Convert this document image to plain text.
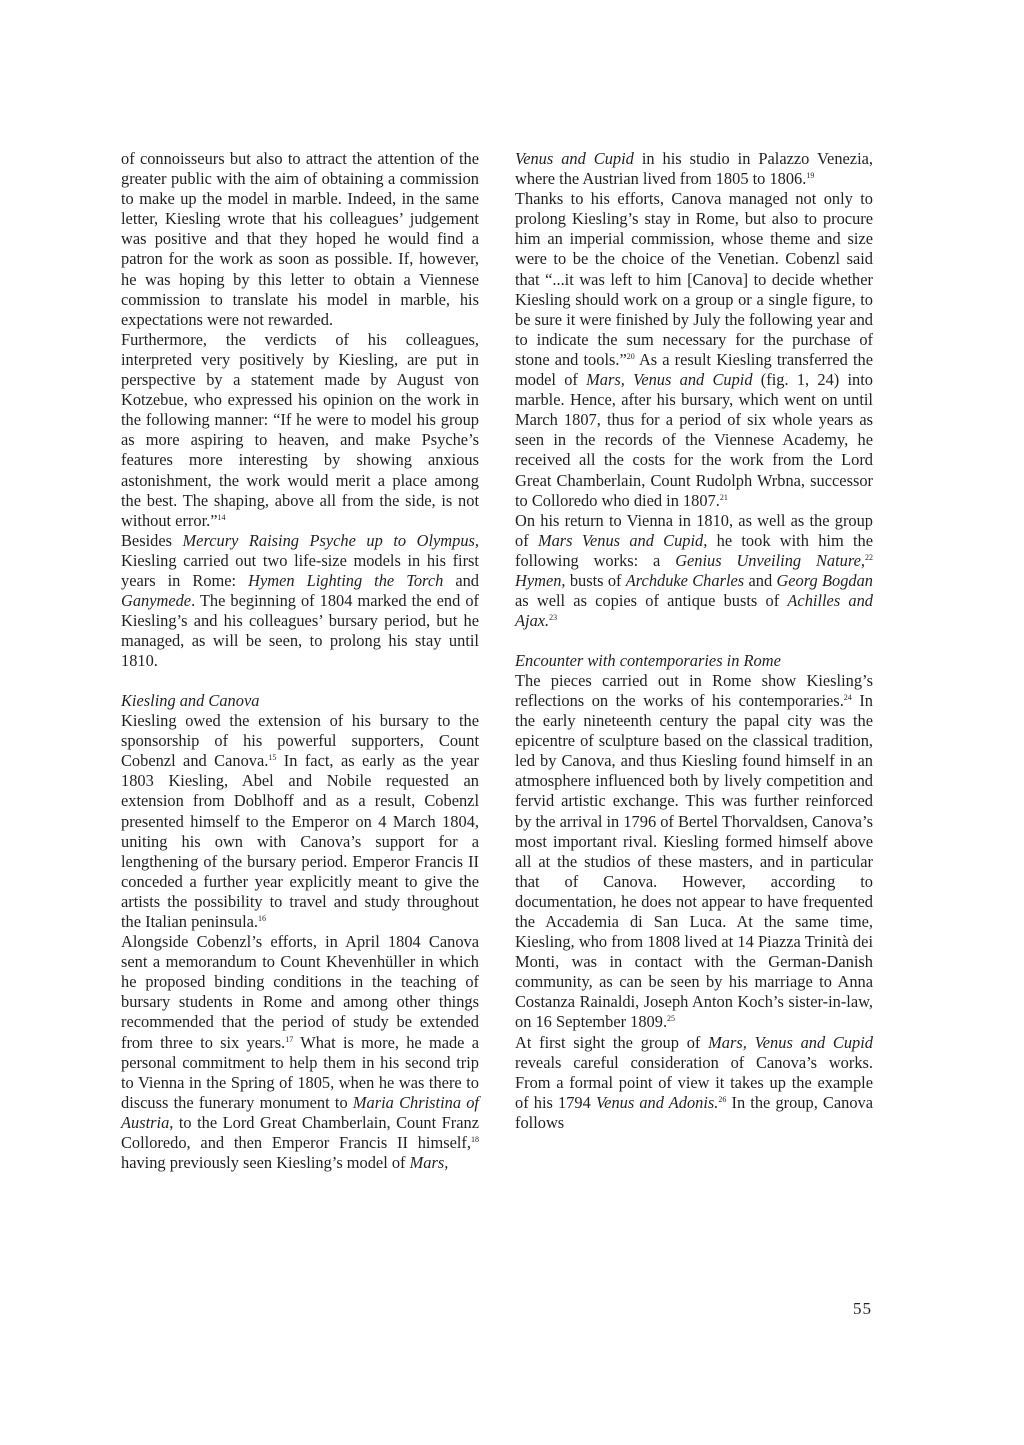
of connoisseurs but also to attract the attention of the greater public with the aim of obtaining a commission to make up the model in marble. Indeed, in the same letter, Kiesling wrote that his colleagues’ judgement was positive and that they hoped he would find a patron for the work as soon as possible. If, however, he was hoping by this letter to obtain a Viennese commission to translate his model in marble, his expectations were not rewarded.

Furthermore, the verdicts of his colleagues, interpreted very positively by Kiesling, are put in perspective by a statement made by August von Kotzebue, who expressed his opinion on the work in the following manner: “If he were to model his group as more aspiring to heaven, and make Psyche’s features more interesting by showing anxious astonishment, the work would merit a place among the best. The shaping, above all from the side, is not without error.”$^{14}$

Besides Mercury Raising Psyche up to Olympus, Kiesling carried out two life-size models in his first years in Rome: Hymen Lighting the Torch and Ganymede. The beginning of 1804 marked the end of Kiesling’s and his colleagues’ bursary period, but he managed, as will be seen, to prolong his stay until 1810.

Kiesling and Canova

Kiesling owed the extension of his bursary to the sponsorship of his powerful supporters, Count Cobenzl and Canova.$^{15}$ In fact, as early as the year 1803 Kiesling, Abel and Nobile requested an extension from Doblhoff and as a result, Cobenzl presented himself to the Emperor on 4 March 1804, uniting his own with Canova’s support for a lengthening of the bursary period. Emperor Francis II conceded a further year explicitly meant to give the artists the possibility to travel and study throughout the Italian peninsula.$^{16}$

Alongside Cobenzl’s efforts, in April 1804 Canova sent a memorandum to Count Khevenhüller in which he proposed binding conditions in the teaching of bursary students in Rome and among other things recommended that the period of study be extended from three to six years.$^{17}$ What is more, he made a personal commitment to help them in his second trip to Vienna in the Spring of 1805, when he was there to discuss the funerary monument to Maria Christina of Austria, to the Lord Great Chamberlain, Count Franz Colloredo, and then Emperor Francis II himself,$^{18}$ having previously seen Kiesling’s model of Mars,

Venus and Cupid in his studio in Palazzo Venezia, where the Austrian lived from 1805 to 1806.19

Thanks to his efforts, Canova managed not only to prolong Kiesling’s stay in Rome, but also to procure him an imperial commission, whose theme and size were to be the choice of the Venetian. Cobenzl said that “...it was left to him [Canova] to decide whether Kiesling should work on a group or a single figure, to be sure it were finished by July the following year and to indicate the sum necessary for the purchase of stone and tools.”$^{20}$ As a result Kiesling transferred the model of Mars, Venus and Cupid (fig. 1, 24) into marble. Hence, after his bursary, which went on until March 1807, thus for a period of six whole years as seen in the records of the Viennese Academy, he received all the costs for the work from the Lord Great Chamberlain, Count Rudolph Wrbna, successor to Colloredo who died in 1807.21

On his return to Vienna in 1810, as well as the group of Mars Venus and Cupid, he took with him the following works: a Genius Unveiling Nature,$^{22}$ Hymen, busts of Archduke Charles and Georg Bogdan as well as copies of antique busts of Achilles and Ajax.$^{23}$

Encounter with contemporaries in Rome

The pieces carried out in Rome show Kiesling’s reflections on the works of his contemporaries.$^{24}$ In the early nineteenth century the papal city was the epicentre of sculpture based on the classical tradition, led by Canova, and thus Kiesling found himself in an atmosphere influenced both by lively competition and fervid artistic exchange. This was further reinforced by the arrival in 1796 of Bertel Thorvaldsen, Canova’s most important rival. Kiesling formed himself above all at the studios of these masters, and in particular that of Canova. However, according to documentation, he does not appear to have frequented the Accademia di San Luca. At the same time, Kiesling, who from 1808 lived at 14 Piazza Trinità dei Monti, was in contact with the German-Danish community, as can be seen by his marriage to Anna Costanza Rainaldi, Joseph Anton Koch’s sister-in-law, on 16 September 1809.25

At first sight the group of Mars, Venus and Cupid reveals careful consideration of Canova’s works. From a formal point of view it takes up the example of his 1794 Venus and Adonis.$^{26}$ In the group, Canova follows

55
